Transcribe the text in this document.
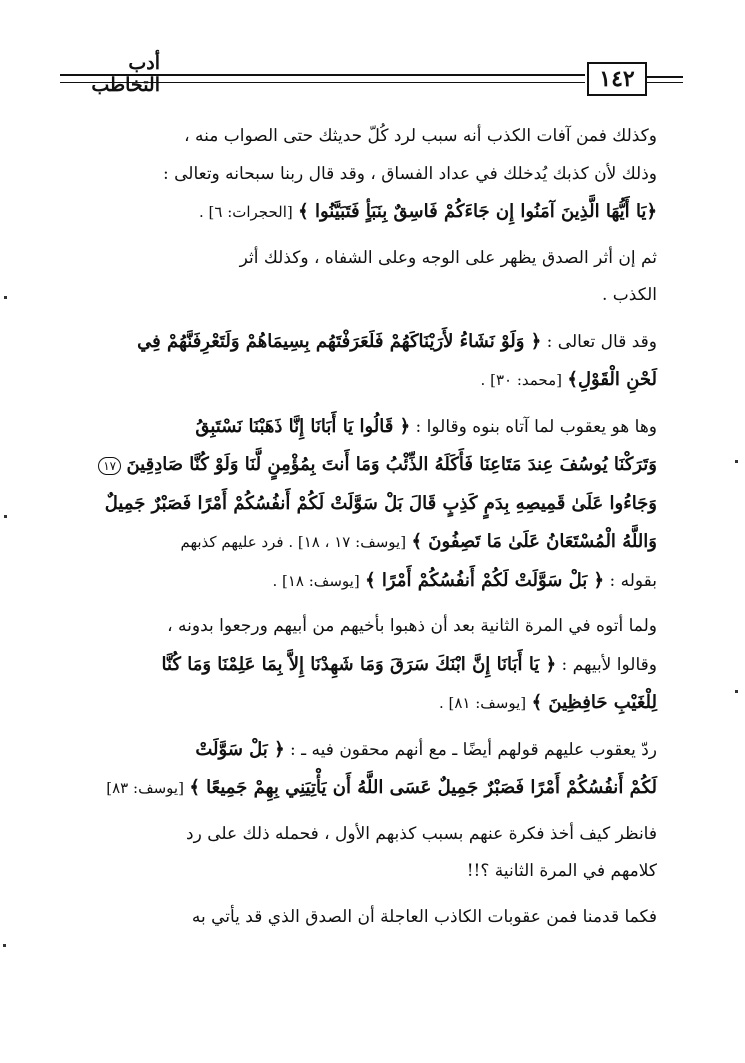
أدب التخاطب	١٤٢

وكذلك فمن آفات الكذب أنه سبب لرد كُلّ حديثك حتى الصواب منه ،
وذلك لأن كذبك يُدخلك في عداد الفساق ، وقد قال ربنا سبحانه وتعالى :
﴿يَا أَيُّهَا الَّذِينَ آمَنُوا إِن جَاءَكُمْ فَاسِقٌ بِنَبَأٍ فَتَبَيَّنُوا ﴾ [الحجرات: ٦] .

ثم إن أثر الصدق يظهر على الوجه وعلى الشفاه ، وكذلك أثر
الكذب .

وقد قال تعالى : ﴿ وَلَوْ نَشَاءُ لأَرَيْنَاكَهُمْ فَلَعَرَفْتَهُم بِسِيمَاهُمْ وَلَتَعْرِفَنَّهُمْ فِي
لَحْنِ الْقَوْلِ﴾ [محمد: ٣٠] .

وها هو يعقوب لما آتاه بنوه وقالوا : ﴿ قَالُوا يَا أَبَانَا إِنَّا ذَهَبْنَا نَسْتَبِقُ
وَتَرَكْنَا يُوسُفَ عِندَ مَتَاعِنَا فَأَكَلَهُ الذِّئْبُ وَمَا أَنتَ بِمُؤْمِنٍ لَّنَا وَلَوْ كُنَّا صَادِقِينَ ١٧
وَجَاءُوا عَلَىٰ قَمِيصِهِ بِدَمٍ كَذِبٍ قَالَ بَلْ سَوَّلَتْ لَكُمْ أَنفُسُكُمْ أَمْرًا فَصَبْرٌ جَمِيلٌ
وَاللَّهُ الْمُسْتَعَانُ عَلَىٰ مَا تَصِفُونَ ﴾ [يوسف: ١٧ ، ١٨] . فرد عليهم كذبهم
بقوله : ﴿ بَلْ سَوَّلَتْ لَكُمْ أَنفُسُكُمْ أَمْرًا ﴾ [يوسف: ١٨] .

ولما أتوه في المرة الثانية بعد أن ذهبوا بأخيهم من أبيهم ورجعوا بدونه ،
وقالوا لأبيهم : ﴿ يَا أَبَانَا إِنَّ ابْنَكَ سَرَقَ وَمَا شَهِدْنَا إِلاَّ بِمَا عَلِمْنَا وَمَا كُنَّا
لِلْغَيْبِ حَافِظِينَ ﴾ [يوسف: ٨١] .

ردّ يعقوب عليهم قولهم أيضًا ـ مع أنهم محقون فيه ـ : ﴿ بَلْ سَوَّلَتْ
لَكُمْ أَنفُسُكُمْ أَمْرًا فَصَبْرٌ جَمِيلٌ عَسَى اللَّهُ أَن يَأْتِيَنِي بِهِمْ جَمِيعًا ﴾ [يوسف: ٨٣]

فانظر كيف أخذ فكرة عنهم بسبب كذبهم الأول ، فحمله ذلك على رد
كلامهم في المرة الثانية ؟!!

فكما قدمنا فمن عقوبات الكاذب العاجلة أن الصدق الذي قد يأتي به
